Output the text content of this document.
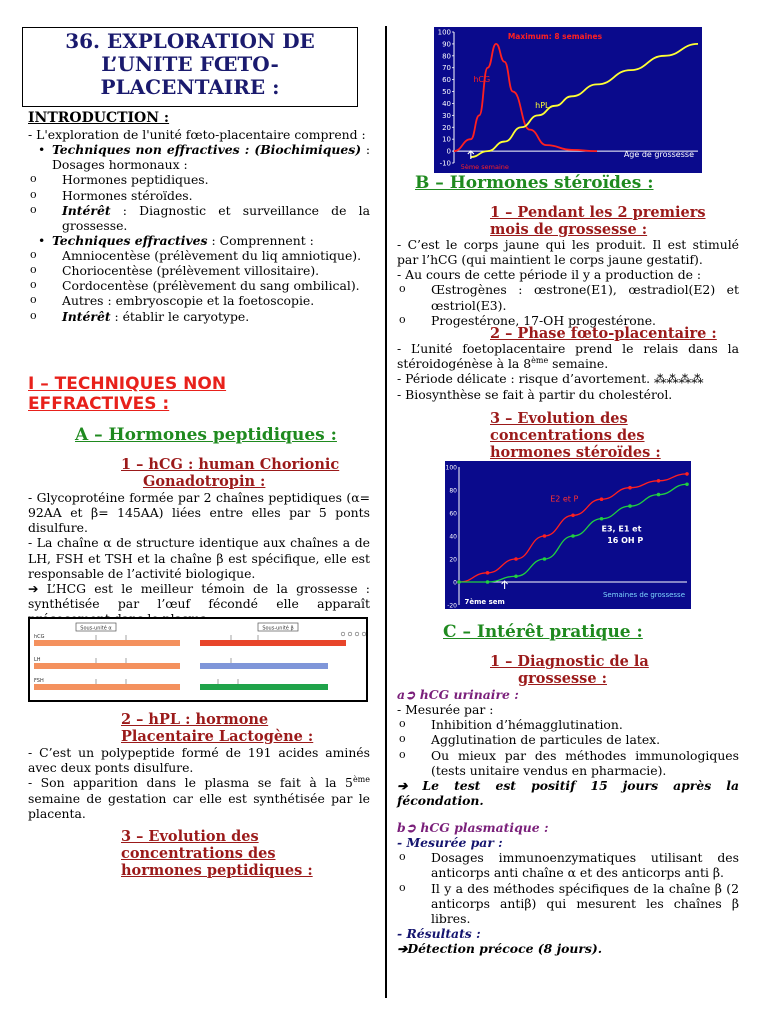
36. EXPLORATION DE
L’UNITE FŒTO-
PLACENTAIRE :
INTRODUCTION :
- L'exploration de l'unité fœto-placentaire comprend :
• Techniques non effractives : (Biochimiques) : Dosages hormonaux :
o Hormones peptidiques.
o Hormones stéroïdes.
o Intérêt : Diagnostic et surveillance de la grossesse.
• Techniques effractives : Comprennent :
o Amniocentèse (prélèvement du liq amniotique).
o Choriocentèse (prélèvement villositaire).
o Cordocentèse (prélèvement du sang ombilical).
o Autres : embryoscopie et la foetoscopie.
o Intérêt : établir le caryotype.
I – TECHNIQUES NON
EFFRACTIVES :
A – Hormones peptidiques :
1 – hCG : human Chorionic
Gonadotropin :
- Glycoprotéine formée par 2 chaînes peptidiques (α= 92AA et β= 145AA) liées entre elles par 5 ponts disulfure.
- La chaîne α de structure identique aux chaînes a de LH, FSH et TSH et la chaîne β est spécifique, elle est responsable de l’activité biologique.
➔ L’HCG est le meilleur témoin de la grossesse : synthétisée par l’œuf fécondé elle apparaît
Sous-unité α	Sous-unité β
hCG
LH
FSH
2 – hPL : hormone
Placentaire Lactogène :
- C’est un polypeptide formé de 191 acides aminés avec deux ponts disulfure.
- Son apparition dans le plasma se fait à la 5ème semaine de gestation car elle est synthétisée par le placenta.
3 – Evolution des
concentrations des
hormones peptidiques :
-10
0
10
20
30
40
50
60
70
80
90
100	Maximum: 8 semaines
hCG
hPL
Age de grossesse
5ème semaine
B – Hormones stéroïdes :
1 – Pendant les 2 premiers
mois de grossesse :
- C’est le corps jaune qui les produit. Il est stimulé par l’hCG (qui maintient le corps jaune gestatif).
- Au cours de cette période il y a production de :
o Œstrogènes : œstrone(E1), œstradiol(E2) et œstriol(E3).
o Progestérone, 17-OH progestérone.
2 – Phase fœto-placentaire :
- L’unité foetoplacentaire prend le relais dans la stéroidogénèse à la 8ème semaine.
- Période délicate : risque d’avortement. ⁂⁂⁂⁂
- Biosynthèse se fait à partir du cholestérol.
3 – Evolution des
concentrations des
hormones stéroïdes :
-20
0
20
40
60
80
100
E2 et P
E3, E1 et
16 OH P
Semaines de grossesse
7ème sem
C – Intérêt pratique :
1 – Diagnostic de la
grossesse :
a➲ hCG urinaire :
- Mesurée par :
o Inhibition d’hémagglutination.
o Agglutination de particules de latex.
o Ou mieux par des méthodes immunologiques (tests unitaire vendus en pharmacie).
➔ Le test est positif 15 jours après la fécondation.
b➲ hCG plasmatique :
- Mesurée par :
o Dosages immunoenzymatiques utilisant des anticorps anti chaîne α et des anticorps anti β.
o Il y a des méthodes spécifiques de la chaîne β (2 anticorps antiβ) qui mesurent les chaînes β libres.
- Résultats :
➔Détection précoce (8 jours).
